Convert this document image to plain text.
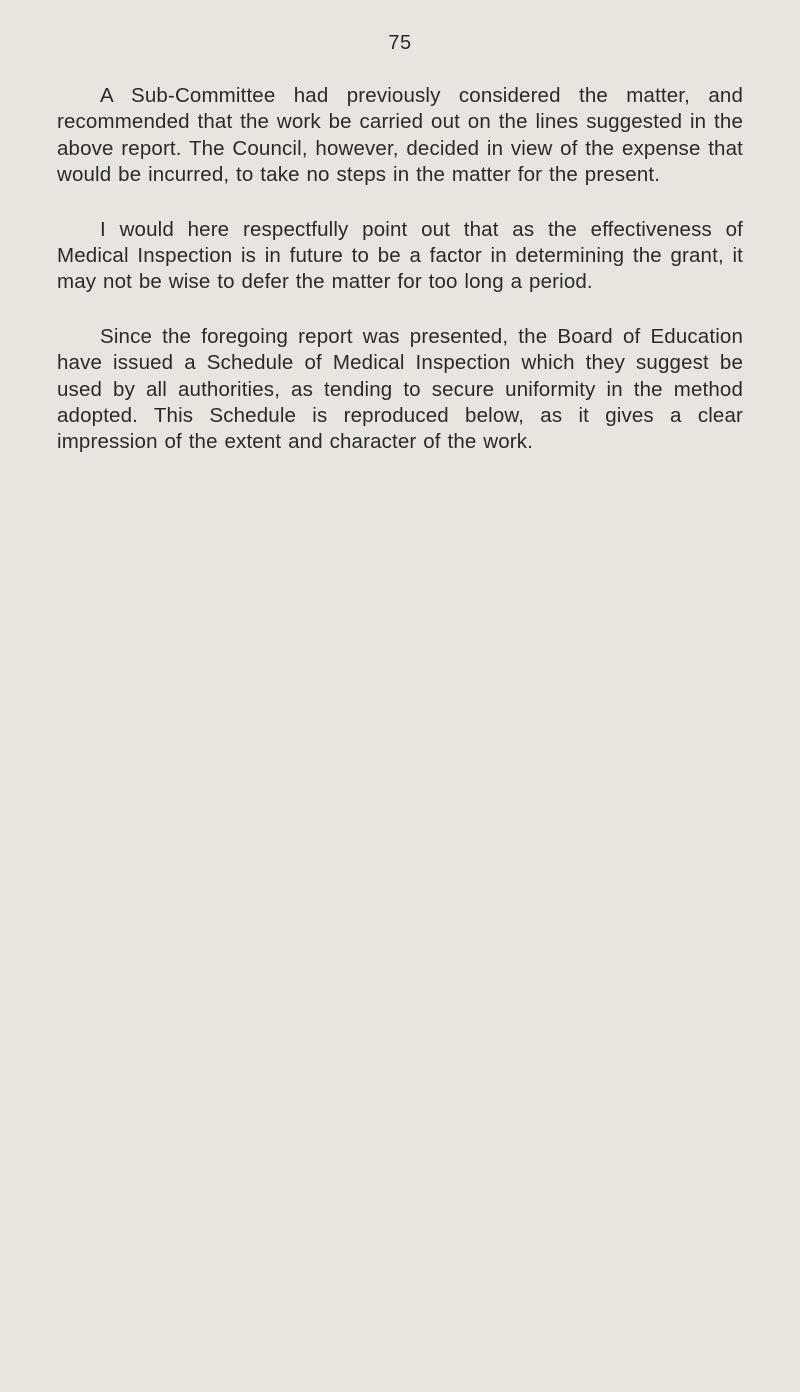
75

A Sub-Committee had previously considered the matter, and recommended that the work be carried out on the lines suggested in the above report. The Council, however, decided in view of the expense that would be incurred, to take no steps in the matter for the present.

I would here respectfully point out that as the effectiveness of Medical Inspection is in future to be a factor in determining the grant, it may not be wise to defer the matter for too long a period.

Since the foregoing report was presented, the Board of Education have issued a Schedule of Medical Inspection which they suggest be used by all authorities, as tending to secure uniformity in the method adopted. This Schedule is reproduced below, as it gives a clear impression of the extent and character of the work.
